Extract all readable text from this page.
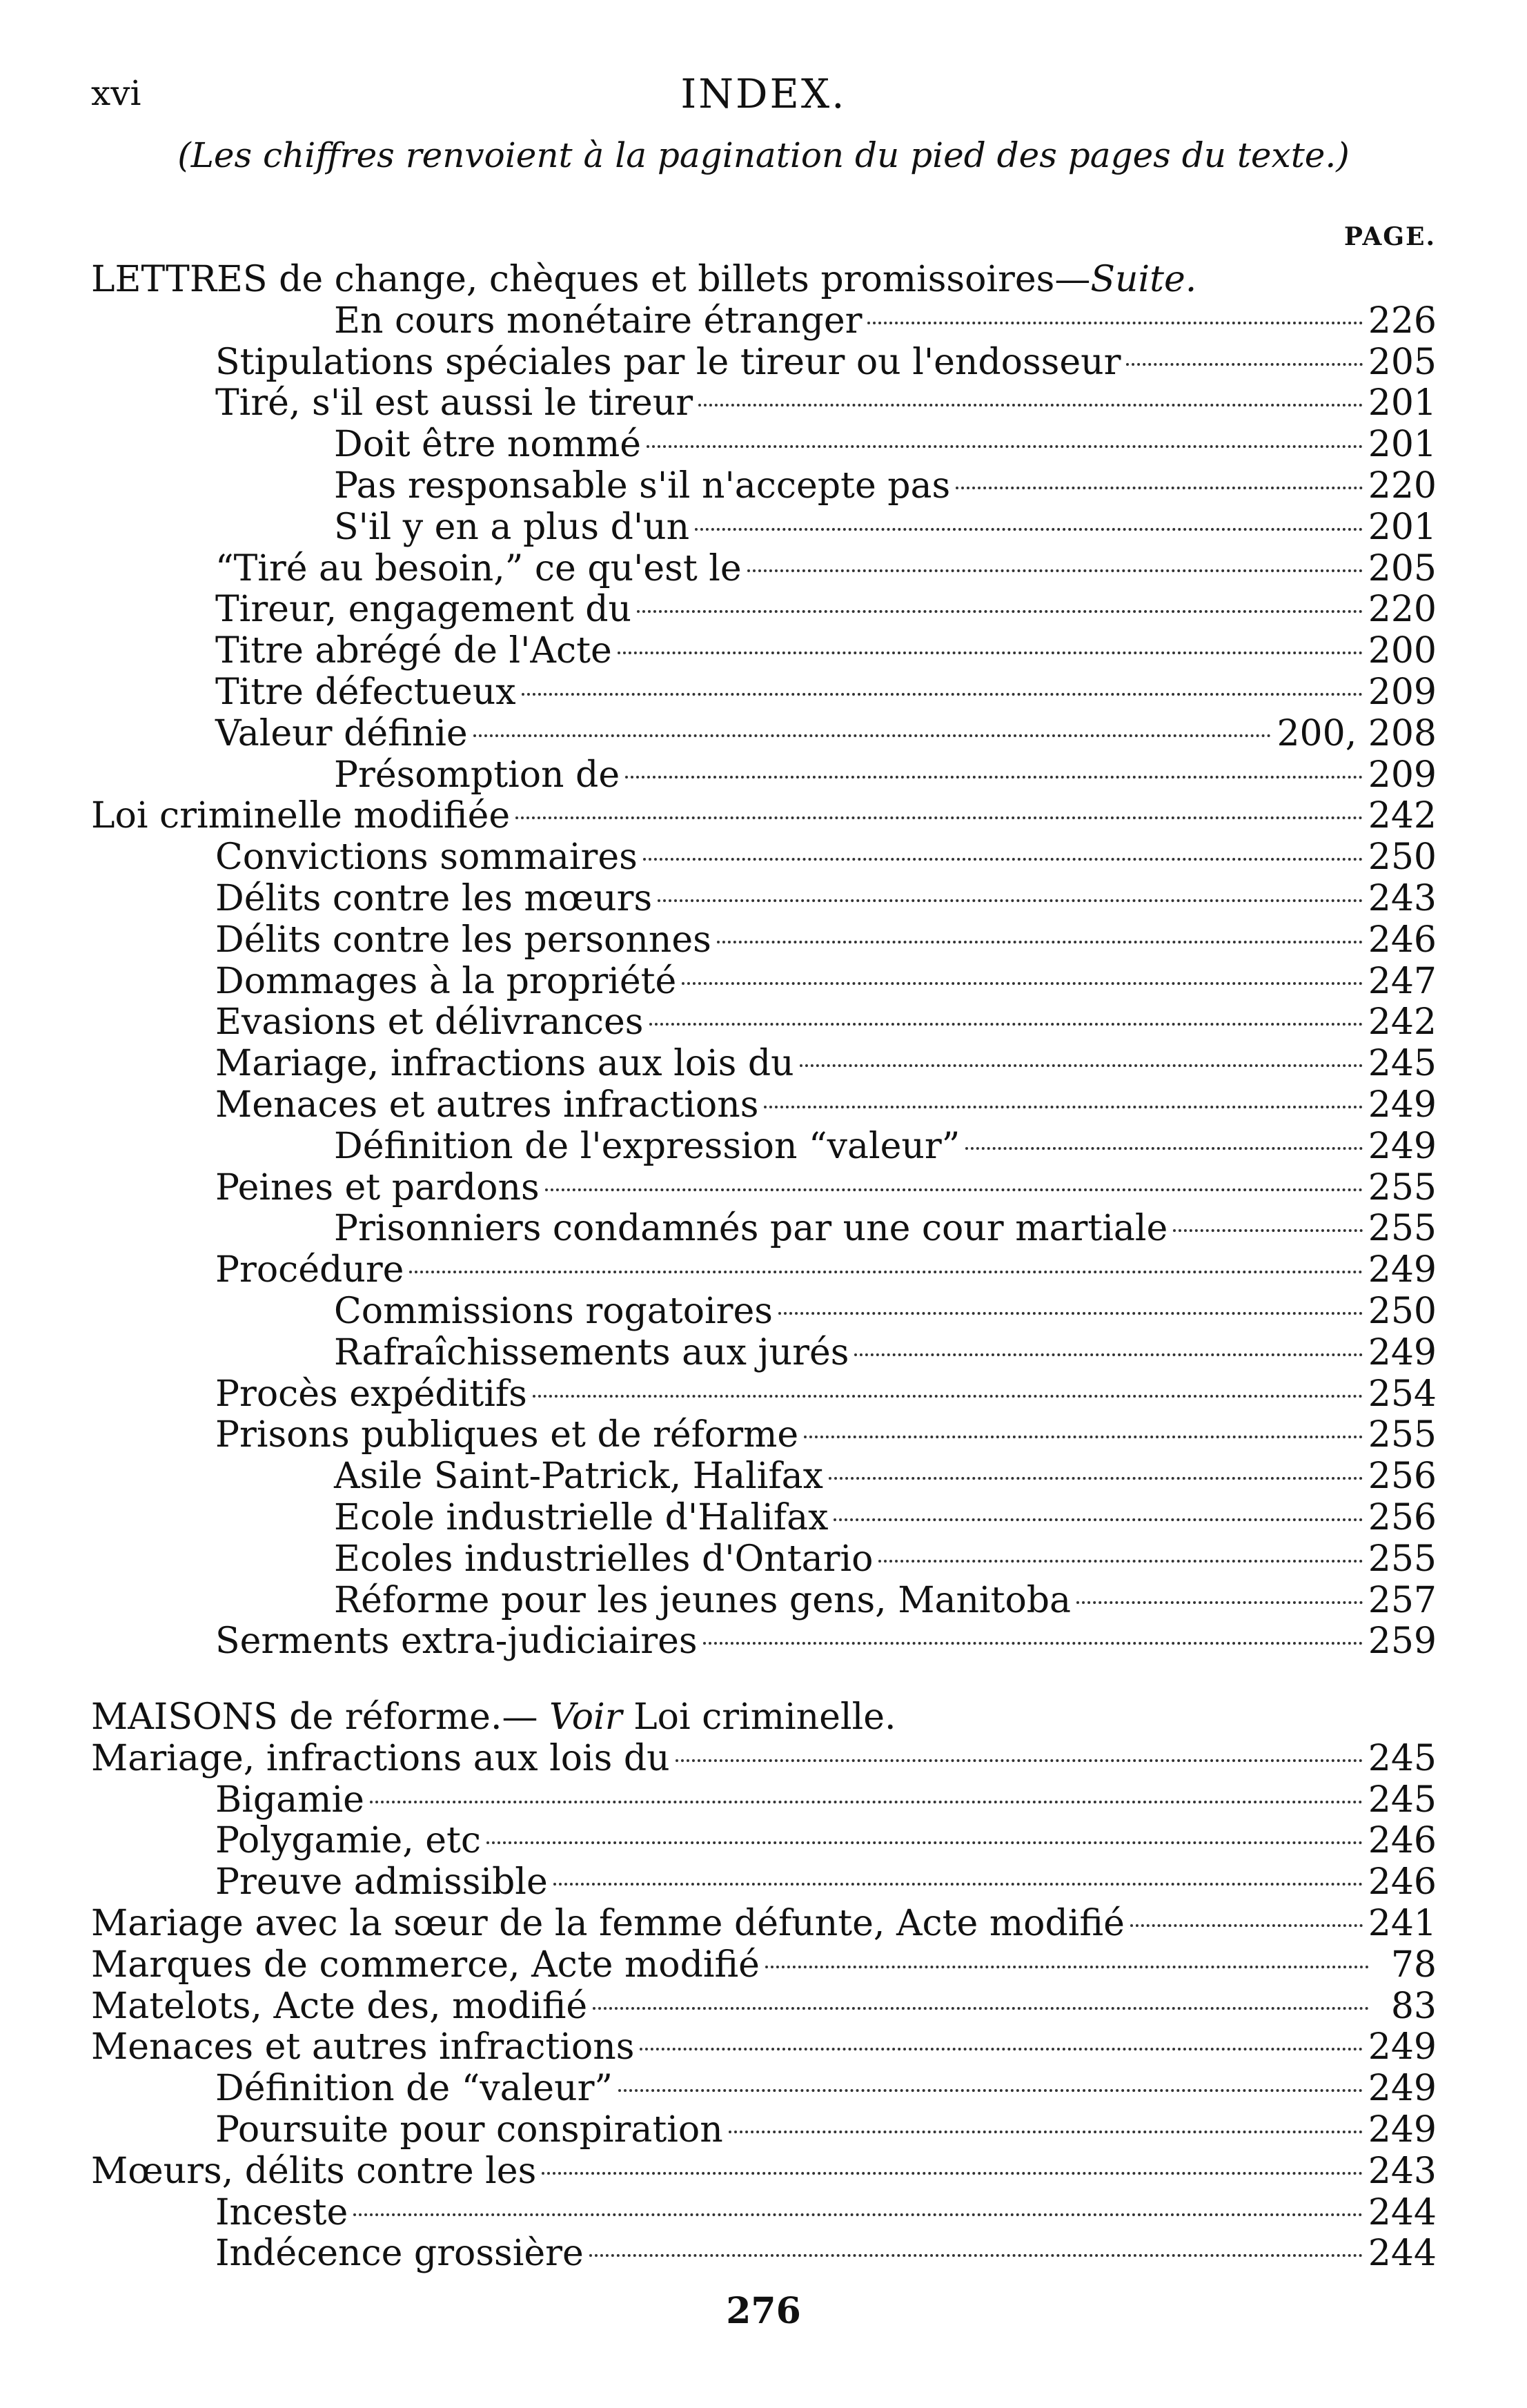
xvi	INDEX.
(Les chiffres renvoient à la pagination du pied des pages du texte.)
PAGE.
LETTRES de change, chèques et billets promissoires—Suite.
En cours monétaire étranger	226
Stipulations spéciales par le tireur ou l'endosseur	205
Tiré, s'il est aussi le tireur	201
Doit être nommé	201
Pas responsable s'il n'accepte pas	220
S'il y en a plus d'un	201
“Tiré au besoin,” ce qu'est le	205
Tireur, engagement du	220
Titre abrégé de l'Acte	200
Titre défectueux	209
Valeur définie	200, 208
Présomption de	209
Loi criminelle modifiée	242
Convictions sommaires	250
Délits contre les mœurs	243
Délits contre les personnes	246
Dommages à la propriété	247
Evasions et délivrances	242
Mariage, infractions aux lois du	245
Menaces et autres infractions	249
Définition de l'expression “valeur”	249
Peines et pardons	255
Prisonniers condamnés par une cour martiale	255
Procédure	249
Commissions rogatoires	250
Rafraîchissements aux jurés	249
Procès expéditifs	254
Prisons publiques et de réforme	255
Asile Saint-Patrick, Halifax	256
Ecole industrielle d'Halifax	256
Ecoles industrielles d'Ontario	255
Réforme pour les jeunes gens, Manitoba	257
Serments extra-judiciaires	259
MAISONS de réforme.— Voir Loi criminelle.
Mariage, infractions aux lois du	245
Bigamie	245
Polygamie, etc	246
Preuve admissible	246
Mariage avec la sœur de la femme défunte, Acte modifié	241
Marques de commerce, Acte modifié	78
Matelots, Acte des, modifié	83
Menaces et autres infractions	249
Définition de “valeur”	249
Poursuite pour conspiration	249
Mœurs, délits contre les	243
Inceste	244
Indécence grossière	244
276
